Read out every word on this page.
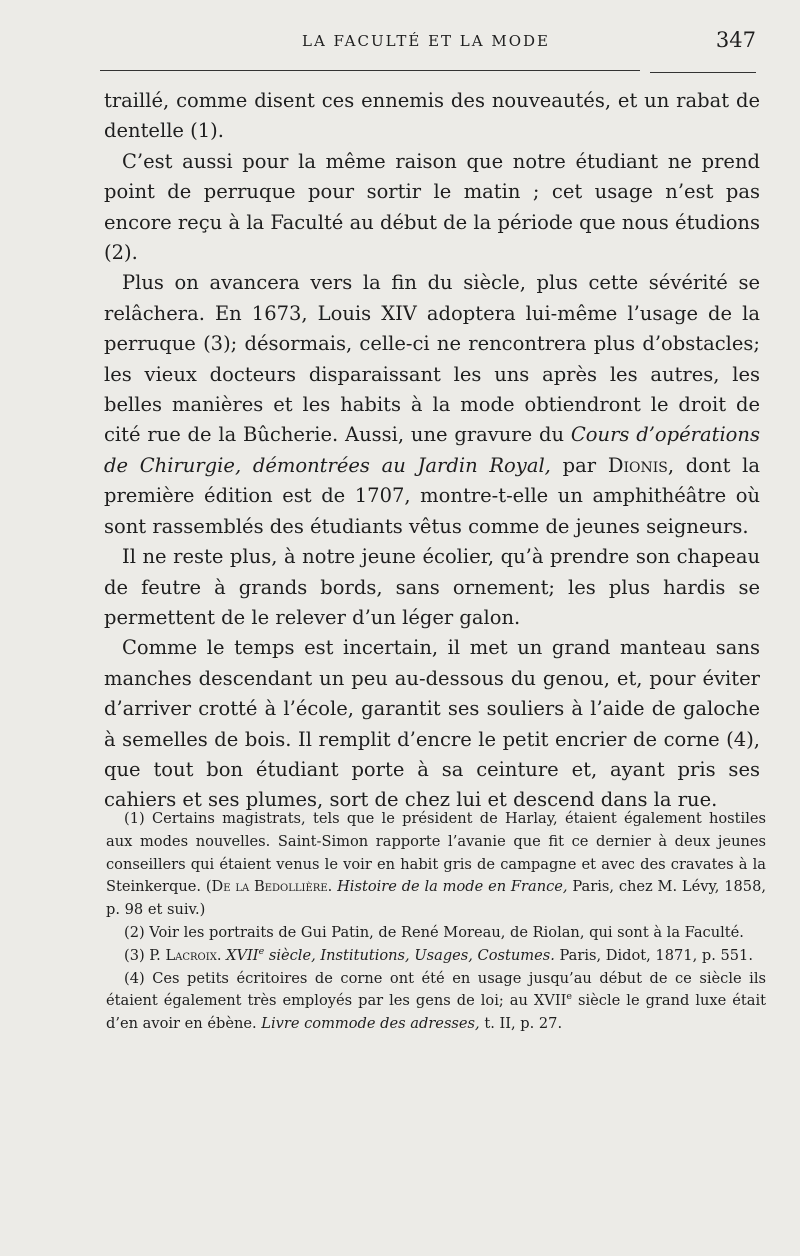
LA FACULTÉ ET LA MODE	347

traillé, comme disent ces ennemis des nouveautés, et un rabat de dentelle (1).

C’est aussi pour la même raison que notre étudiant ne prend point de perruque pour sortir le matin ; cet usage n’est pas encore reçu à la Faculté au début de la période que nous étudions (2).

Plus on avancera vers la fin du siècle, plus cette sévérité se relâchera. En 1673, Louis XIV adoptera lui-même l’usage de la perruque (3); désormais, celle-ci ne rencontrera plus d’obstacles; les vieux docteurs disparaissant les uns après les autres, les belles manières et les habits à la mode obtiendront le droit de cité rue de la Bûcherie. Aussi, une gravure du Cours d’opérations de Chirurgie, démontrées au Jardin Royal, par Dionis, dont la première édition est de 1707, montre-t-elle un amphithéâtre où sont rassemblés des étudiants vêtus comme de jeunes seigneurs.

Il ne reste plus, à notre jeune écolier, qu’à prendre son chapeau de feutre à grands bords, sans ornement; les plus hardis se permettent de le relever d’un léger galon.

Comme le temps est incertain, il met un grand manteau sans manches descendant un peu au-dessous du genou, et, pour éviter d’arriver crotté à l’école, garantit ses souliers à l’aide de galoche à semelles de bois. Il remplit d’encre le petit encrier de corne (4), que tout bon étudiant porte à sa ceinture et, ayant pris ses cahiers et ses plumes, sort de chez lui et descend dans la rue.

(1) Certains magistrats, tels que le président de Harlay, étaient également hostiles aux modes nouvelles. Saint-Simon rapporte l’avanie que fit ce dernier à deux jeunes conseillers qui étaient venus le voir en habit gris de campagne et avec des cravates à la Steinkerque. (De la Bedollière. Histoire de la mode en France, Paris, chez M. Lévy, 1858, p. 98 et suiv.)

(2) Voir les portraits de Gui Patin, de René Moreau, de Riolan, qui sont à la Faculté.

(3) P. Lacroix. XVIIe siècle, Institutions, Usages, Costumes. Paris, Didot, 1871, p. 551.

(4) Ces petits écritoires de corne ont été en usage jusqu’au début de ce siècle ils étaient également très employés par les gens de loi; au XVIIe siècle le grand luxe était d’en avoir en ébène. Livre commode des adresses, t. II, p. 27.
